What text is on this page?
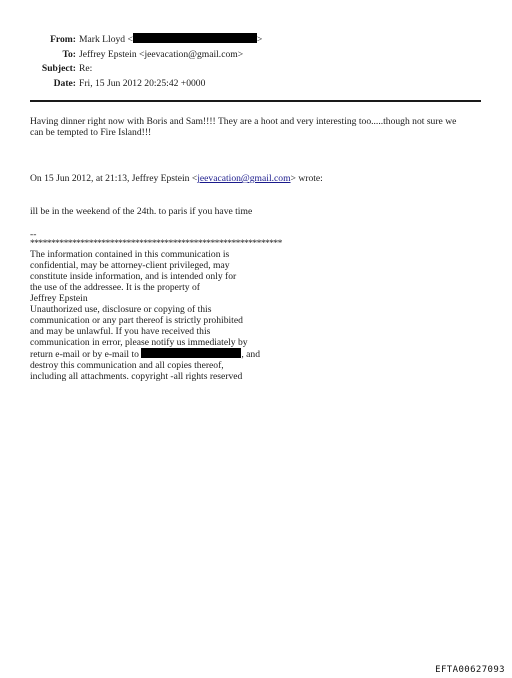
From: Mark Lloyd <	>
To: Jeffrey Epstein <jeevacation@gmail.com>
Subject: Re:
Date: Fri, 15 Jun 2012 20:25:42 +0000
Having dinner right now with Boris and Sam!!!! They are a hoot and very interesting too.....though not sure we
can be tempted to Fire Island!!!
On 15 Jun 2012, at 21:13, Jeffrey Epstein <jeevacation@gmail.com> wrote:
ill be in the weekend of the 24th. to paris if you have time
--
************************************************************
The information contained in this communication is
confidential, may be attorney-client privileged, may
constitute inside information, and is intended only for
the use of the addressee. It is the property of
Jeffrey Epstein
Unauthorized use, disclosure or copying of this
communication or any part thereof is strictly prohibited
and may be unlawful. If you have received this
communication in error, please notify us immediately by
return e-mail or by e-mail to	, and
destroy this communication and all copies thereof,
including all attachments. copyright -all rights reserved
EFTA00627093
